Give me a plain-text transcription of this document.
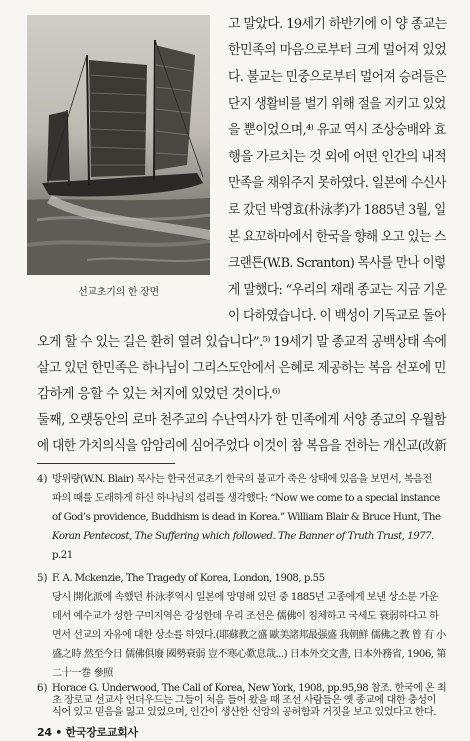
선교초기의 한 장면
고 말았다. 19세기 하반기에 이 양 종교는
한민족의 마음으로부터 크게 멀어져 있었
다. 불교는 민중으로부터 멀어져 승려들은
단지 생활비를 벌기 위해 절을 지키고 있었
을 뿐이었으며,⁴⁾ 유교 역시 조상숭배와 효
행을 가르치는 것 외에 어떤 인간의 내적
만족을 채워주지 못하였다. 일본에 수신사
로 갔던 박영효(朴泳孝)가 1885년 3월, 일
본 요꼬하마에서 한국을 향해 오고 있는 스
크랜튼(W.B. Scranton) 목사를 만나 이렇
게 말했다: “우리의 재래 종교는 지금 기운
이 다하였습니다. 이 백성이 기독교로 돌아
오게 할 수 있는 길은 환히 열려 있습니다”.⁵⁾ 19세기 말 종교적 공백상태 속에
살고 있던 한민족은 하나님이 그리스도안에서 은혜로 제공하는 복음 선포에 민
감하게 응할 수 있는 처지에 있었던 것이다.⁶⁾
둘째, 오랫동안의 로마 천주교의 수난역사가 한 민족에게 서양 종교의 우월함
에 대한 가치의식을 암암리에 심어주었다 이것이 참 복음을 전하는 개신교(改新
4) 방위량(W.N. Blair) 목사는 한국선교초기 한국의 불교가 죽은 상태에 있음을 보면서, 복음전
파의 때를 도래하게 하신 하나님의 섭리를 생각했다: “Now we come to a special instance
of God’s providence, Buddhism is dead in Korea.” William Blair & Bruce Hunt, The
Koran Pentecost, The Suffering which followed. The Banner of Truth Trust, 1977.
p.21
5) F. A. Mckenzie, The Tragedy of Korea, London, 1908, p.55
당시 開化派에 속했던 朴泳孝역시 일본에 망명해 있던 중 1885년 고종에게 보낸 상소문 가운
데서 예수교가 성한 구미지역은 강성한데 우리 조선은 儒佛이 침체하고 국세도 衰弱하다고 하
면서 선교의 자유에 대한 상소를 하였다.(耶蘇教之盛 歐美諸邦最强盛 我朝鮮 儒佛之教 曾 有 小
盛之時 然至今日 儒佛俱廢 國勢衰弱 豈不寒心歎息哉...) 日本外交文書, 日本外務省, 1906, 第
二十一巻 參照
6) Horace G. Underwood, The Call of Korea, New York, 1908, pp.95,98 참조. 한국에 온 최
초 장로교 선교사 언더우드는 그들이 처음 들어 왔을 때 조선 사람들은 옛 종교에 대한 충성이
식어 있고 믿음을 잃고 있었으며, 인간이 생산한 신앙의 공허함과 거짓을 보고 있었다고 한다.
24 • 한국장로교회사
